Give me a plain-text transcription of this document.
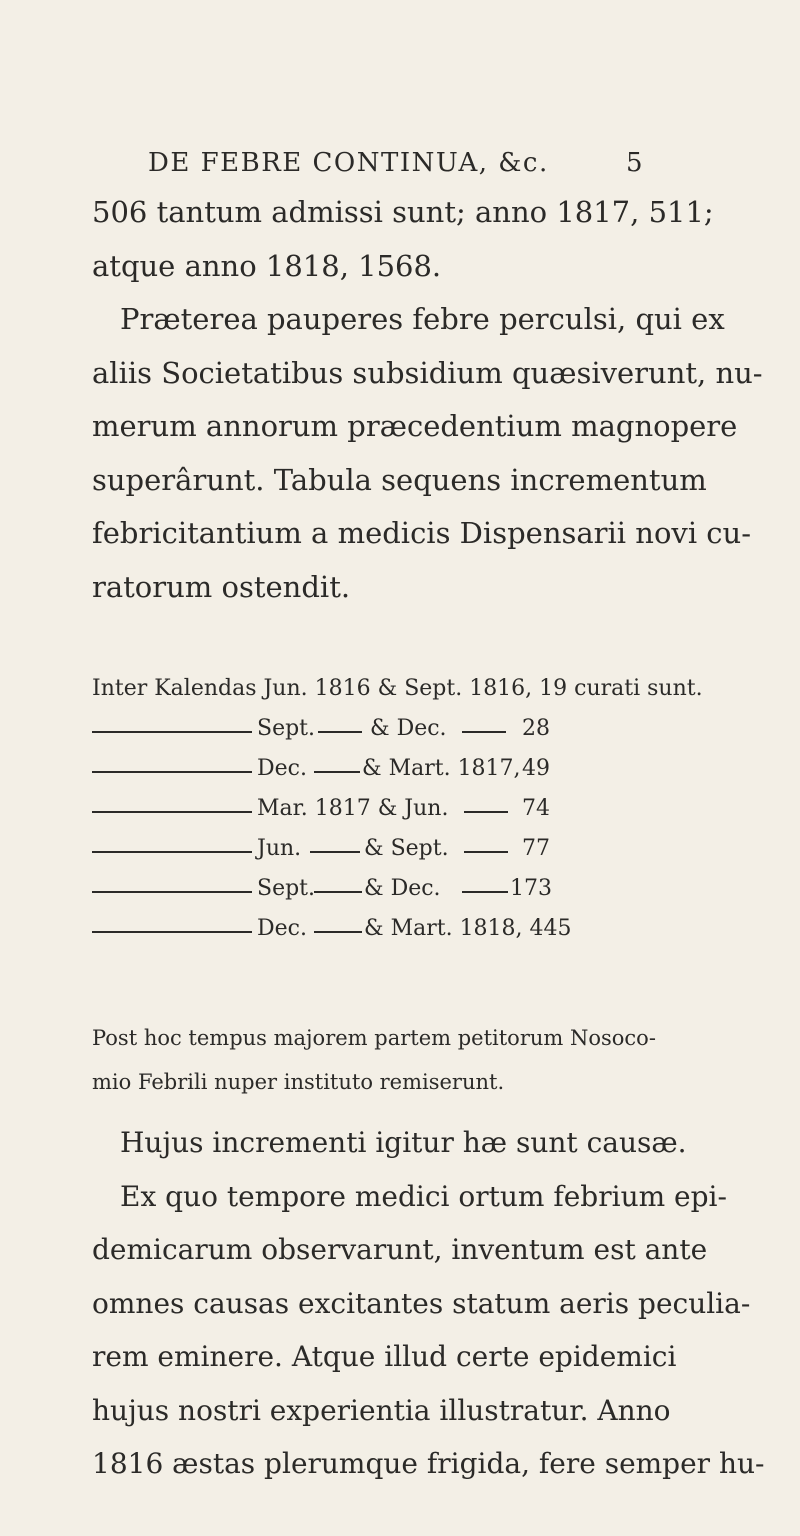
DE FEBRE CONTINUA, &c.	5
506 tantum admissi sunt; anno 1817, 511;
atque anno 1818, 1568.
Præterea pauperes febre perculsi, qui ex
aliis Societatibus subsidium quæsiverunt, nu-
merum annorum præcedentium magnopere
superârunt. Tabula sequens incrementum
febricitantium a medicis Dispensarii novi cu-
ratorum ostendit.
Inter Kalendas Jun. 1816 & Sept. 1816, 19 curati sunt.
Sept. & Dec.	28
Dec.	& Mart. 1817, 49
Mar. 1817 & Jun.	74
Jun.	& Sept.	77
Sept. & Dec.	173
Dec.	& Mart. 1818, 445
Post hoc tempus majorem partem petitorum Nosoco-
mio Febrili nuper instituto remiserunt.
Hujus incrementi igitur hæ sunt causæ.
Ex quo tempore medici ortum febrium epi-
demicarum observarunt, inventum est ante
omnes causas excitantes statum aeris peculia-
rem eminere. Atque illud certe epidemici
hujus nostri experientia illustratur. Anno
1816 æstas plerumque frigida, fere semper hu-
